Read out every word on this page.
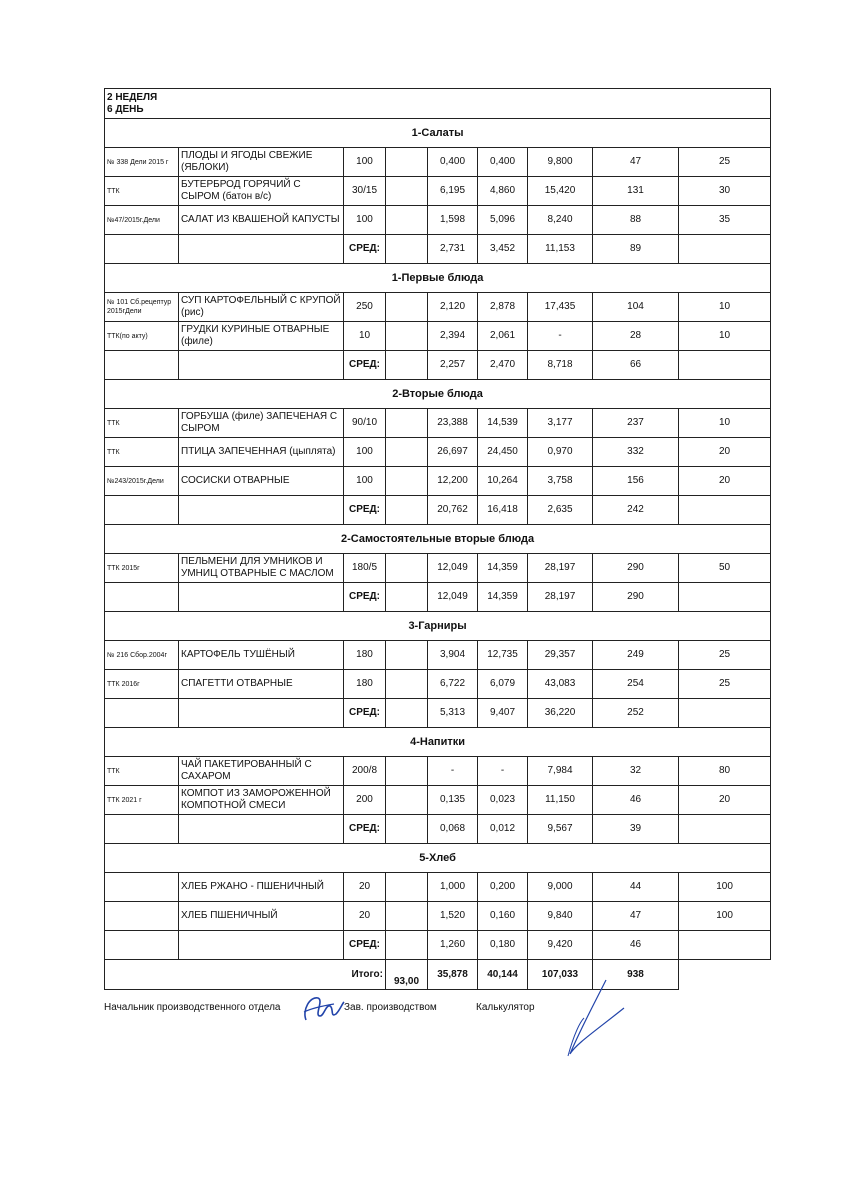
2 НЕДЕЛЯ
6 ДЕНЬ								

1-Салаты								
№ 338 Дели 2015 г	ПЛОДЫ И ЯГОДЫ СВЕЖИЕ (ЯБЛОКИ)	100		0,400	0,400	9,800	47	25
ТТК	БУТЕРБРОД ГОРЯЧИЙ С СЫРОМ (батон в/с)	30/15		6,195	4,860	15,420	131	30
№47/2015г.Дели	САЛАТ ИЗ КВАШЕНОЙ КАПУСТЫ	100		1,598	5,096	8,240	88	35
		СРЕД:		2,731	3,452	11,153	89	
1-Первые блюда								
№ 101 Сб.рецептур 2015гДели	СУП КАРТОФЕЛЬНЫЙ С КРУПОЙ (рис)	250		2,120	2,878	17,435	104	10
ТТК(по акту)	ГРУДКИ КУРИНЫЕ ОТВАРНЫЕ (филе)	10		2,394	2,061	-	28	10
		СРЕД:		2,257	2,470	8,718	66	
2-Вторые блюда								
ТТК	ГОРБУША (филе) ЗАПЕЧЕНАЯ С СЫРОМ	90/10		23,388	14,539	3,177	237	10
ТТК	ПТИЦА ЗАПЕЧЕННАЯ (цыплята)	100		26,697	24,450	0,970	332	20
№243/2015г.Дели	СОСИСКИ ОТВАРНЫЕ	100		12,200	10,264	3,758	156	20
		СРЕД:		20,762	16,418	2,635	242	
2-Самостоятельные вторые блюда								
ТТК 2015г	ПЕЛЬМЕНИ ДЛЯ УМНИКОВ И УМНИЦ ОТВАРНЫЕ С МАСЛОМ	180/5		12,049	14,359	28,197	290	50
		СРЕД:		12,049	14,359	28,197	290	
3-Гарниры								
№ 216 Сбор.2004г	КАРТОФЕЛЬ ТУШЁНЫЙ	180		3,904	12,735	29,357	249	25
ТТК 2016г	СПАГЕТТИ ОТВАРНЫЕ	180		6,722	6,079	43,083	254	25
		СРЕД:		5,313	9,407	36,220	252	
4-Напитки								
ТТК	ЧАЙ ПАКЕТИРОВАННЫЙ С САХАРОМ	200/8		-	-	7,984	32	80
ТТК 2021 г	КОМПОТ ИЗ ЗАМОРОЖЕННОЙ КОМПОТНОЙ СМЕСИ	200		0,135	0,023	11,150	46	20
		СРЕД:		0,068	0,012	9,567	39	
5-Хлеб								
	ХЛЕБ РЖАНО - ПШЕНИЧНЫЙ	20		1,000	0,200	9,000	44	100
	ХЛЕБ ПШЕНИЧНЫЙ	20		1,520	0,160	9,840	47	100
		СРЕД:		1,260	0,180	9,420	46	
Итого:			93,00	35,878	40,144	107,033	938	
Начальник производственного отдела	Зав. производством	Калькулятор
